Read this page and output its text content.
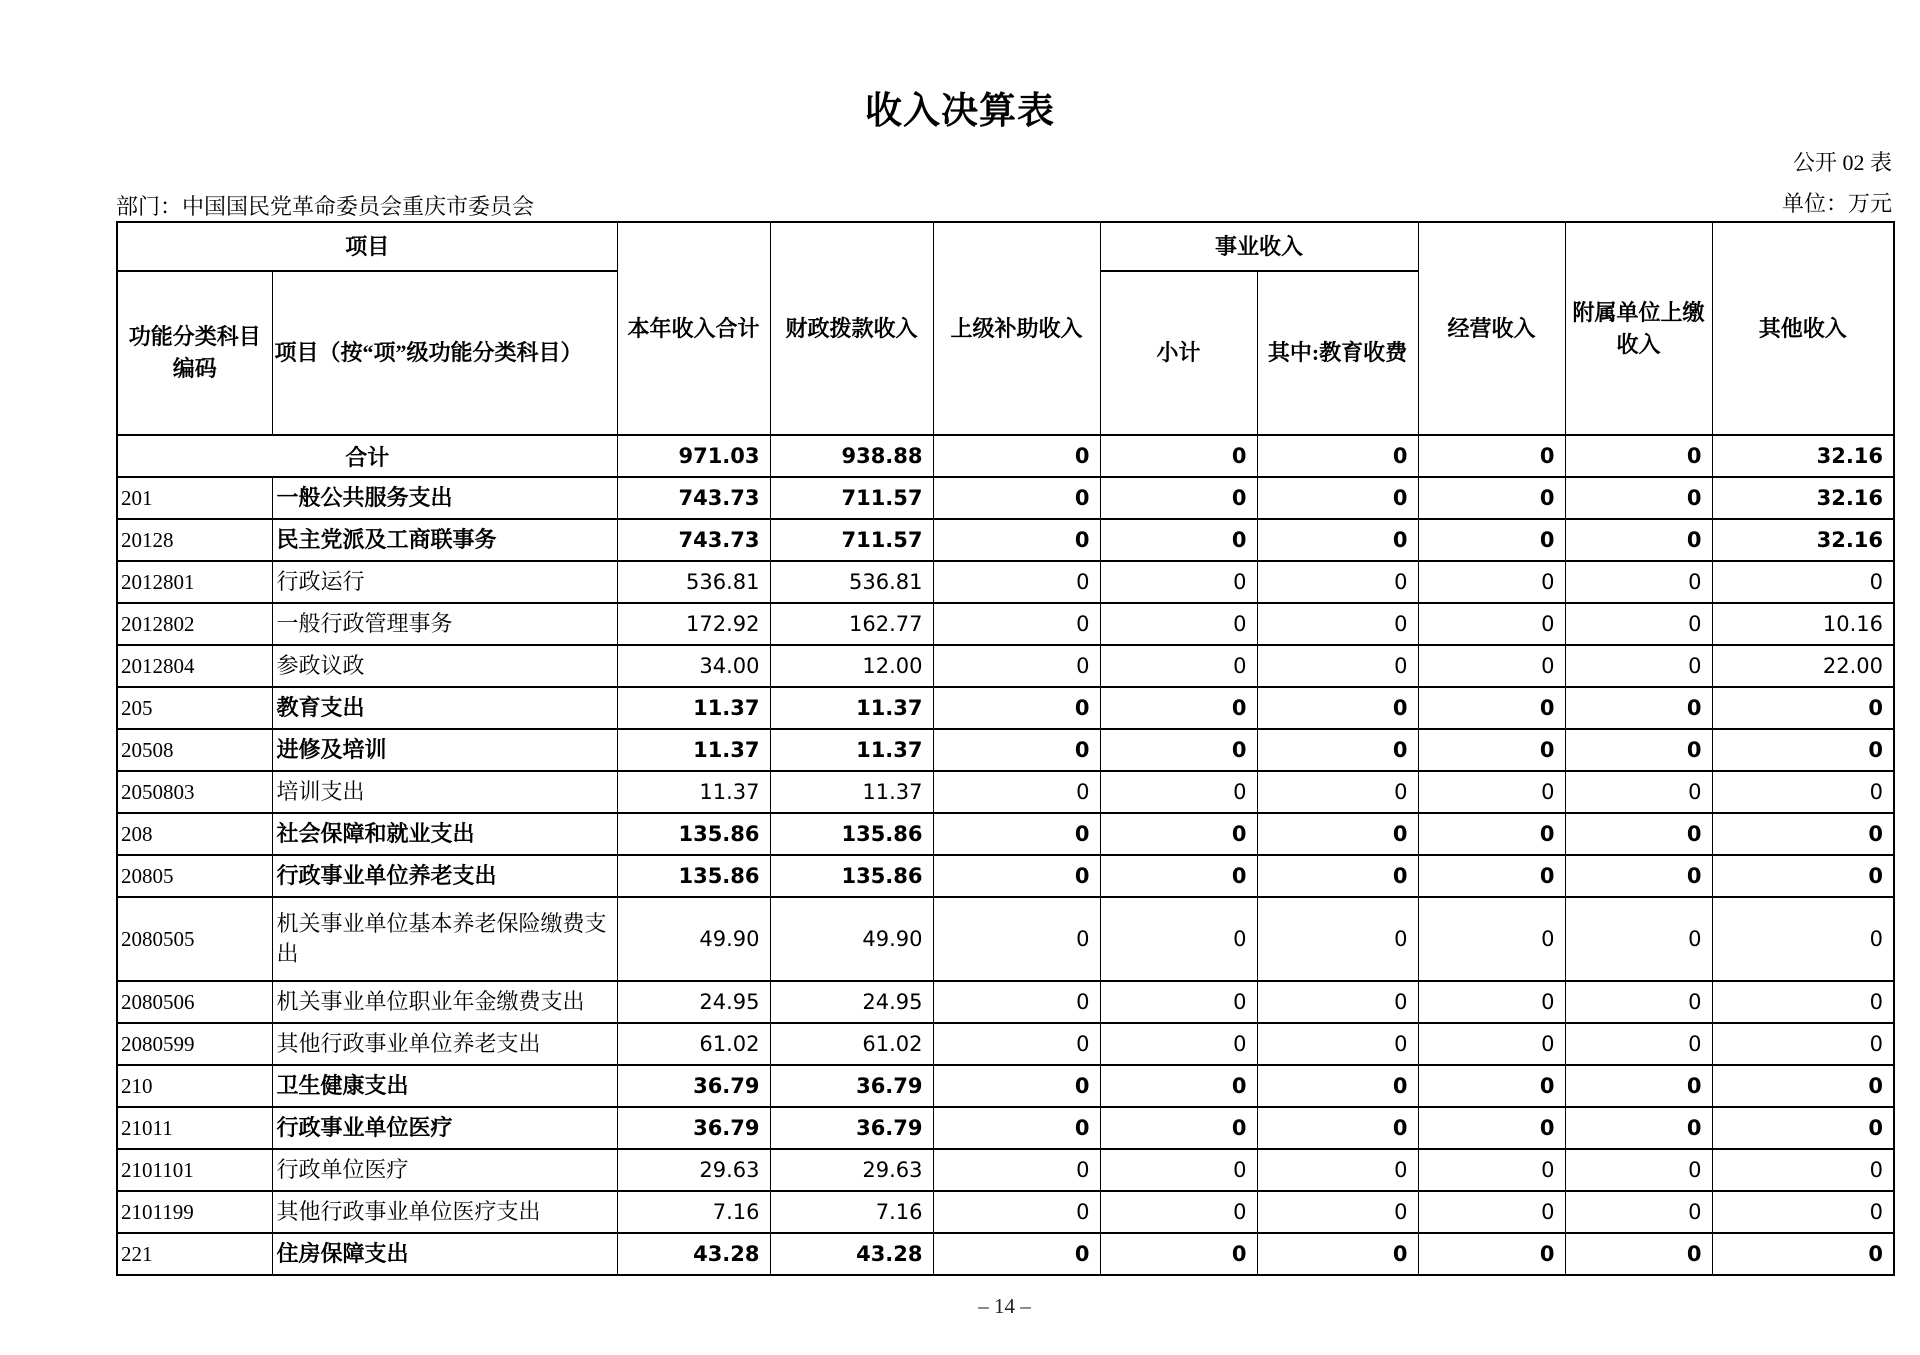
收入决算表
公开 02 表
部门：中国国民党革命委员会重庆市委员会	单位：万元
项目		本年收入合计	财政拨款收入	上级补助收入	事业收入		经营收入	附属单位上缴收入	其他收入
功能分类科目编码	项目（按“项”级功能分类科目）				小计	其中:教育收费			
合计		971.03	938.88	0	0	0	0	0	32.16
201	一般公共服务支出	743.73	711.57	0	0	0	0	0	32.16
20128	民主党派及工商联事务	743.73	711.57	0	0	0	0	0	32.16
2012801	行政运行	536.81	536.81	0	0	0	0	0	0
2012802	一般行政管理事务	172.92	162.77	0	0	0	0	0	10.16
2012804	参政议政	34.00	12.00	0	0	0	0	0	22.00
205	教育支出	11.37	11.37	0	0	0	0	0	0
20508	进修及培训	11.37	11.37	0	0	0	0	0	0
2050803	培训支出	11.37	11.37	0	0	0	0	0	0
208	社会保障和就业支出	135.86	135.86	0	0	0	0	0	0
20805	行政事业单位养老支出	135.86	135.86	0	0	0	0	0	0
2080505	机关事业单位基本养老保险缴费支出	49.90	49.90	0	0	0	0	0	0
2080506	机关事业单位职业年金缴费支出	24.95	24.95	0	0	0	0	0	0
2080599	其他行政事业单位养老支出	61.02	61.02	0	0	0	0	0	0
210	卫生健康支出	36.79	36.79	0	0	0	0	0	0
21011	行政事业单位医疗	36.79	36.79	0	0	0	0	0	0
2101101	行政单位医疗	29.63	29.63	0	0	0	0	0	0
2101199	其他行政事业单位医疗支出	7.16	7.16	0	0	0	0	0	0
221	住房保障支出	43.28	43.28	0	0	0	0	0	0
– 14 –
